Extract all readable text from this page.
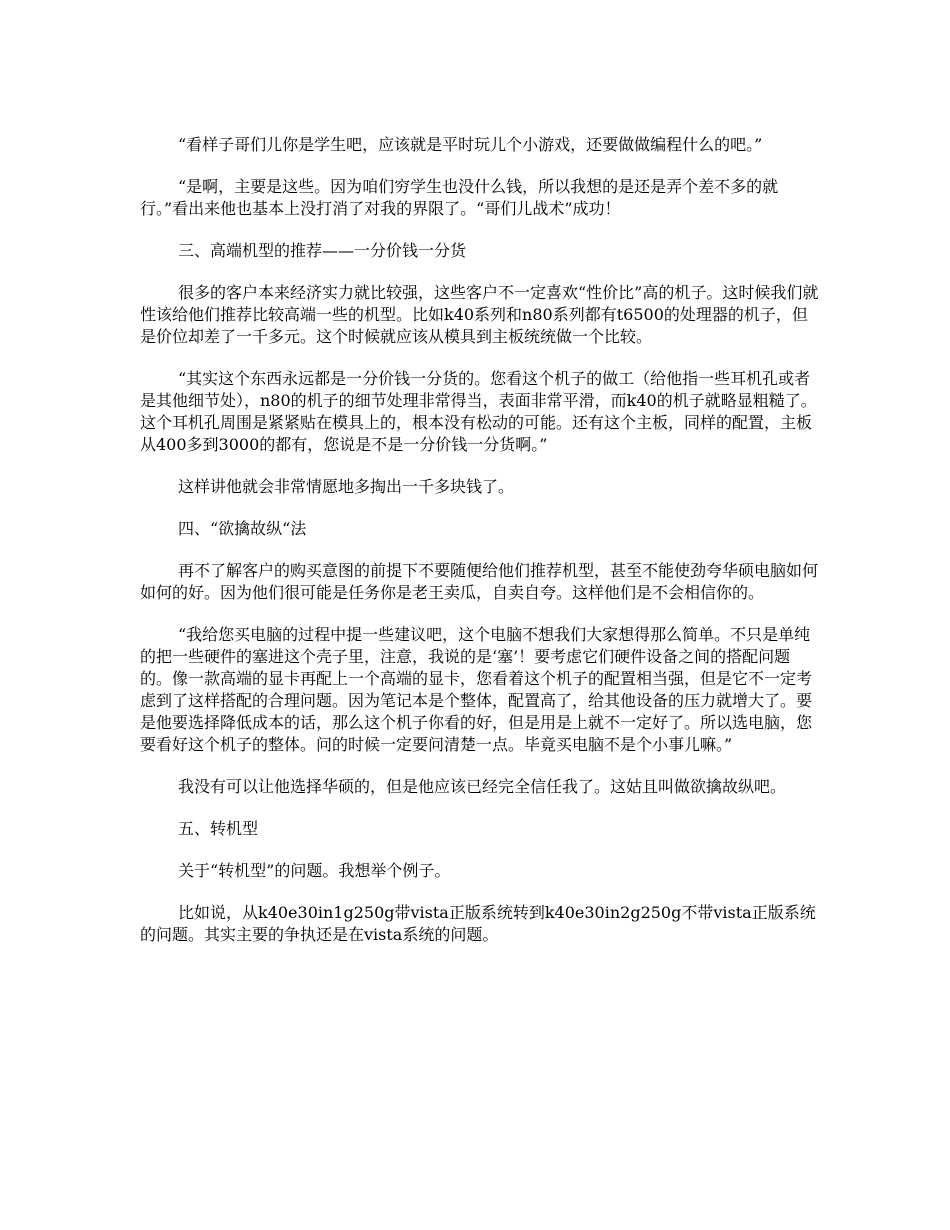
“看样子哥们儿你是学生吧，应该就是平时玩儿个小游戏，还要做做编程什么的吧。”

“是啊，主要是这些。因为咱们穷学生也没什么钱，所以我想的是还是弄个差不多的就行。”看出来他也基本上没打消了对我的界限了。“哥们儿战术”成功！

三、高端机型的推荐——一分价钱一分货

很多的客户本来经济实力就比较强，这些客户不一定喜欢“性价比”高的机子。这时候我们就性该给他们推荐比较高端一些的机型。比如k40系列和n80系列都有t6500的处理器的机子，但是价位却差了一千多元。这个时候就应该从模具到主板统统做一个比较。

“其实这个东西永远都是一分价钱一分货的。您看这个机子的做工（给他指一些耳机孔或者是其他细节处），n80的机子的细节处理非常得当，表面非常平滑，而k40的机子就略显粗糙了。这个耳机孔周围是紧紧贴在模具上的，根本没有松动的可能。还有这个主板，同样的配置，主板从400多到3000的都有，您说是不是一分价钱一分货啊。”

这样讲他就会非常情愿地多掏出一千多块钱了。

四、“欲擒故纵“法

再不了解客户的购买意图的前提下不要随便给他们推荐机型，甚至不能使劲夸华硕电脑如何如何的好。因为他们很可能是任务你是老王卖瓜，自卖自夸。这样他们是不会相信你的。

“我给您买电脑的过程中提一些建议吧，这个电脑不想我们大家想得那么简单。不只是单纯的把一些硬件的塞进这个壳子里，注意，我说的是‘塞’！要考虑它们硬件设备之间的搭配问题的。像一款高端的显卡再配上一个高端的显卡，您看着这个机子的配置相当强，但是它不一定考虑到了这样搭配的合理问题。因为笔记本是个整体，配置高了，给其他设备的压力就增大了。要是他要选择降低成本的话，那么这个机子你看的好，但是用是上就不一定好了。所以选电脑，您要看好这个机子的整体。问的时候一定要问清楚一点。毕竟买电脑不是个小事儿嘛。”

我没有可以让他选择华硕的，但是他应该已经完全信任我了。这姑且叫做欲擒故纵吧。

五、转机型

关于“转机型”的问题。我想举个例子。

比如说，从k40e30in1g250g带vista正版系统转到k40e30in2g250g不带vista正版系统的问题。其实主要的争执还是在vista系统的问题。
